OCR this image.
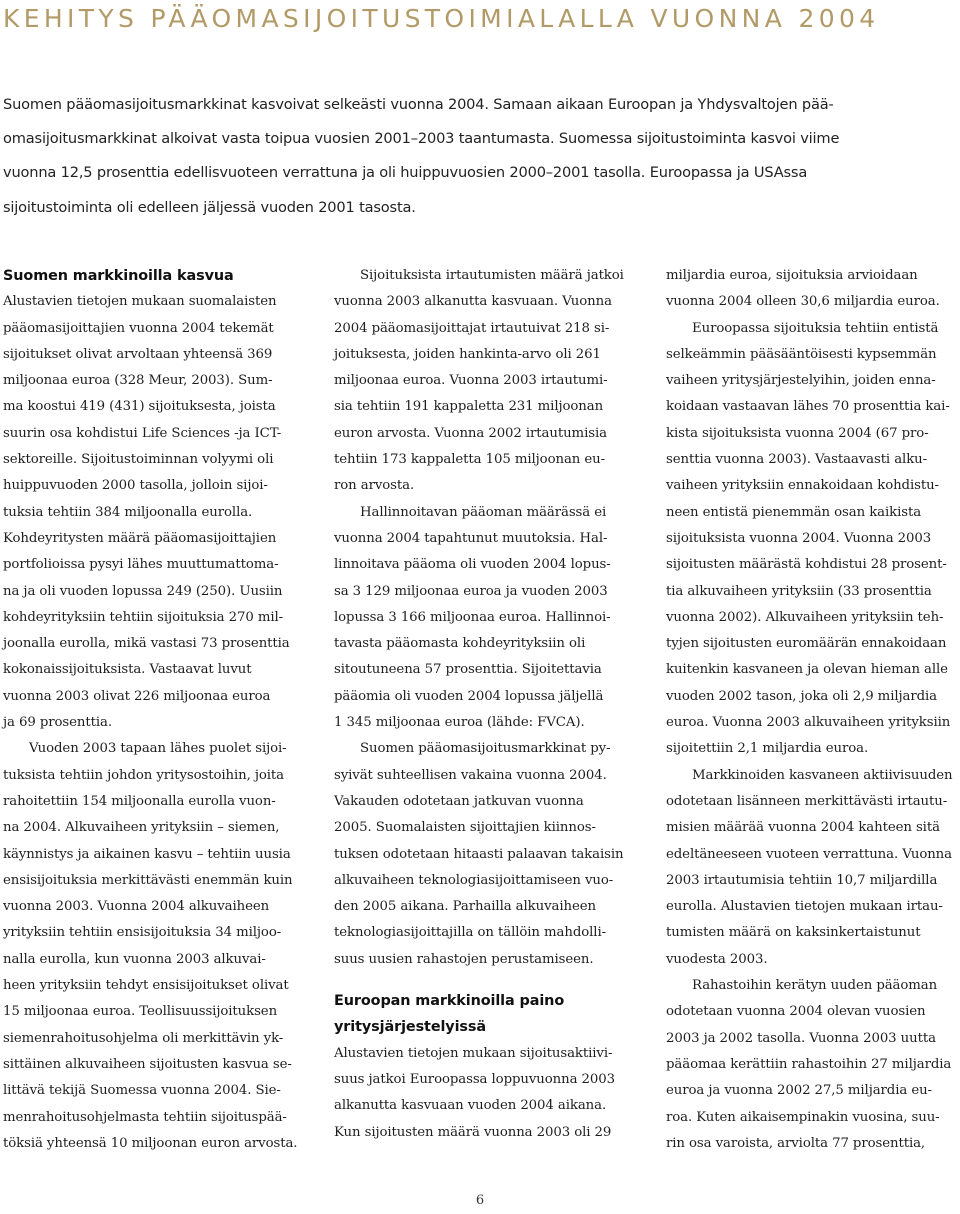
KEHITYS PÄÄOMASIJOITUSTOIMIALALLA VUONNA 2004
Suomen pääomasijoitusmarkkinat kasvoivat selkeästi vuonna 2004. Samaan aikaan Euroopan ja Yhdysvaltojen pää-
omasijoitusmarkkinat alkoivat vasta toipua vuosien 2001–2003 taantumasta. Suomessa sijoitustoiminta kasvoi viime
vuonna 12,5 prosenttia edellisvuoteen verrattuna ja oli huippuvuosien 2000–2001 tasolla. Euroopassa ja USAssa
sijoitustoiminta oli edelleen jäljessä vuoden 2001 tasosta.
Suomen markkinoilla kasvua
Alustavien tietojen mukaan suomalaisten
pääomasijoittajien vuonna 2004 tekemät
sijoitukset olivat arvoltaan yhteensä 369
miljoonaa euroa (328 Meur, 2003). Sum-
ma koostui 419 (431) sijoituksesta, joista
suurin osa kohdistui Life Sciences -ja ICT-
sektoreille. Sijoitustoiminnan volyymi oli
huippuvuoden 2000 tasolla, jolloin sijoi-
tuksia tehtiin 384 miljoonalla eurolla.
Kohdeyritysten määrä pääomasijoittajien
portfolioissa pysyi lähes muuttumattoma-
na ja oli vuoden lopussa 249 (250). Uusiin
kohdeyrityksiin tehtiin sijoituksia 270 mil-
joonalla eurolla, mikä vastasi 73 prosenttia
kokonaissijoituksista. Vastaavat luvut
vuonna 2003 olivat 226 miljoonaa euroa
ja 69 prosenttia.
Vuoden 2003 tapaan lähes puolet sijoi-
tuksista tehtiin johdon yritysostoihin, joita
rahoitettiin 154 miljoonalla eurolla vuon-
na 2004. Alkuvaiheen yrityksiin – siemen,
käynnistys ja aikainen kasvu – tehtiin uusia
ensisijoituksia merkittävästi enemmän kuin
vuonna 2003. Vuonna 2004 alkuvaiheen
yrityksiin tehtiin ensisijoituksia 34 miljoo-
nalla eurolla, kun vuonna 2003 alkuvai-
heen yrityksiin tehdyt ensisijoitukset olivat
15 miljoonaa euroa. Teollisuussijoituksen
siemenrahoitusohjelma oli merkittävin yk-
sittäinen alkuvaiheen sijoitusten kasvua se-
littävä tekijä Suomessa vuonna 2004. Sie-
menrahoitusohjelmasta tehtiin sijoituspää-
töksiä yhteensä 10 miljoonan euron arvosta.
Sijoituksista irtautumisten määrä jatkoi
vuonna 2003 alkanutta kasvuaan. Vuonna
2004 pääomasijoittajat irtautuivat 218 si-
joituksesta, joiden hankinta-arvo oli 261
miljoonaa euroa. Vuonna 2003 irtautumi-
sia tehtiin 191 kappaletta 231 miljoonan
euron arvosta. Vuonna 2002 irtautumisia
tehtiin 173 kappaletta 105 miljoonan eu-
ron arvosta.
Hallinnoitavan pääoman määrässä ei
vuonna 2004 tapahtunut muutoksia. Hal-
linnoitava pääoma oli vuoden 2004 lopus-
sa 3 129 miljoonaa euroa ja vuoden 2003
lopussa 3 166 miljoonaa euroa. Hallinnoi-
tavasta pääomasta kohdeyrityksiin oli
sitoutuneena 57 prosenttia. Sijoitettavia
pääomia oli vuoden 2004 lopussa jäljellä
1 345 miljoonaa euroa (lähde: FVCA).
Suomen pääomasijoitusmarkkinat py-
syivät suhteellisen vakaina vuonna 2004.
Vakauden odotetaan jatkuvan vuonna
2005. Suomalaisten sijoittajien kiinnos-
tuksen odotetaan hitaasti palaavan takaisin
alkuvaiheen teknologiasijoittamiseen vuo-
den 2005 aikana. Parhailla alkuvaiheen
teknologiasijoittajilla on tällöin mahdolli-
suus uusien rahastojen perustamiseen.
Euroopan markkinoilla paino
yritysjärjestelyissä
Alustavien tietojen mukaan sijoitusaktiivi-
suus jatkoi Euroopassa loppuvuonna 2003
alkanutta kasvuaan vuoden 2004 aikana.
Kun sijoitusten määrä vuonna 2003 oli 29
miljardia euroa, sijoituksia arvioidaan
vuonna 2004 olleen 30,6 miljardia euroa.
Euroopassa sijoituksia tehtiin entistä
selkeämmin pääsääntöisesti kypsemmän
vaiheen yritysjärjestelyihin, joiden enna-
koidaan vastaavan lähes 70 prosenttia kai-
kista sijoituksista vuonna 2004 (67 pro-
senttia vuonna 2003). Vastaavasti alku-
vaiheen yrityksiin ennakoidaan kohdistu-
neen entistä pienemmän osan kaikista
sijoituksista vuonna 2004. Vuonna 2003
sijoitusten määrästä kohdistui 28 prosent-
tia alkuvaiheen yrityksiin (33 prosenttia
vuonna 2002). Alkuvaiheen yrityksiin teh-
tyjen sijoitusten euromäärän ennakoidaan
kuitenkin kasvaneen ja olevan hieman alle
vuoden 2002 tason, joka oli 2,9 miljardia
euroa. Vuonna 2003 alkuvaiheen yrityksiin
sijoitettiin 2,1 miljardia euroa.
Markkinoiden kasvaneen aktiivisuuden
odotetaan lisänneen merkittävästi irtautu-
misien määrää vuonna 2004 kahteen sitä
edeltäneeseen vuoteen verrattuna. Vuonna
2003 irtautumisia tehtiin 10,7 miljardilla
eurolla. Alustavien tietojen mukaan irtau-
tumisten määrä on kaksinkertaistunut
vuodesta 2003.
Rahastoihin kerätyn uuden pääoman
odotetaan vuonna 2004 olevan vuosien
2003 ja 2002 tasolla. Vuonna 2003 uutta
pääomaa kerättiin rahastoihin 27 miljardia
euroa ja vuonna 2002 27,5 miljardia eu-
roa. Kuten aikaisempinakin vuosina, suu-
rin osa varoista, arviolta 77 prosenttia,
6
